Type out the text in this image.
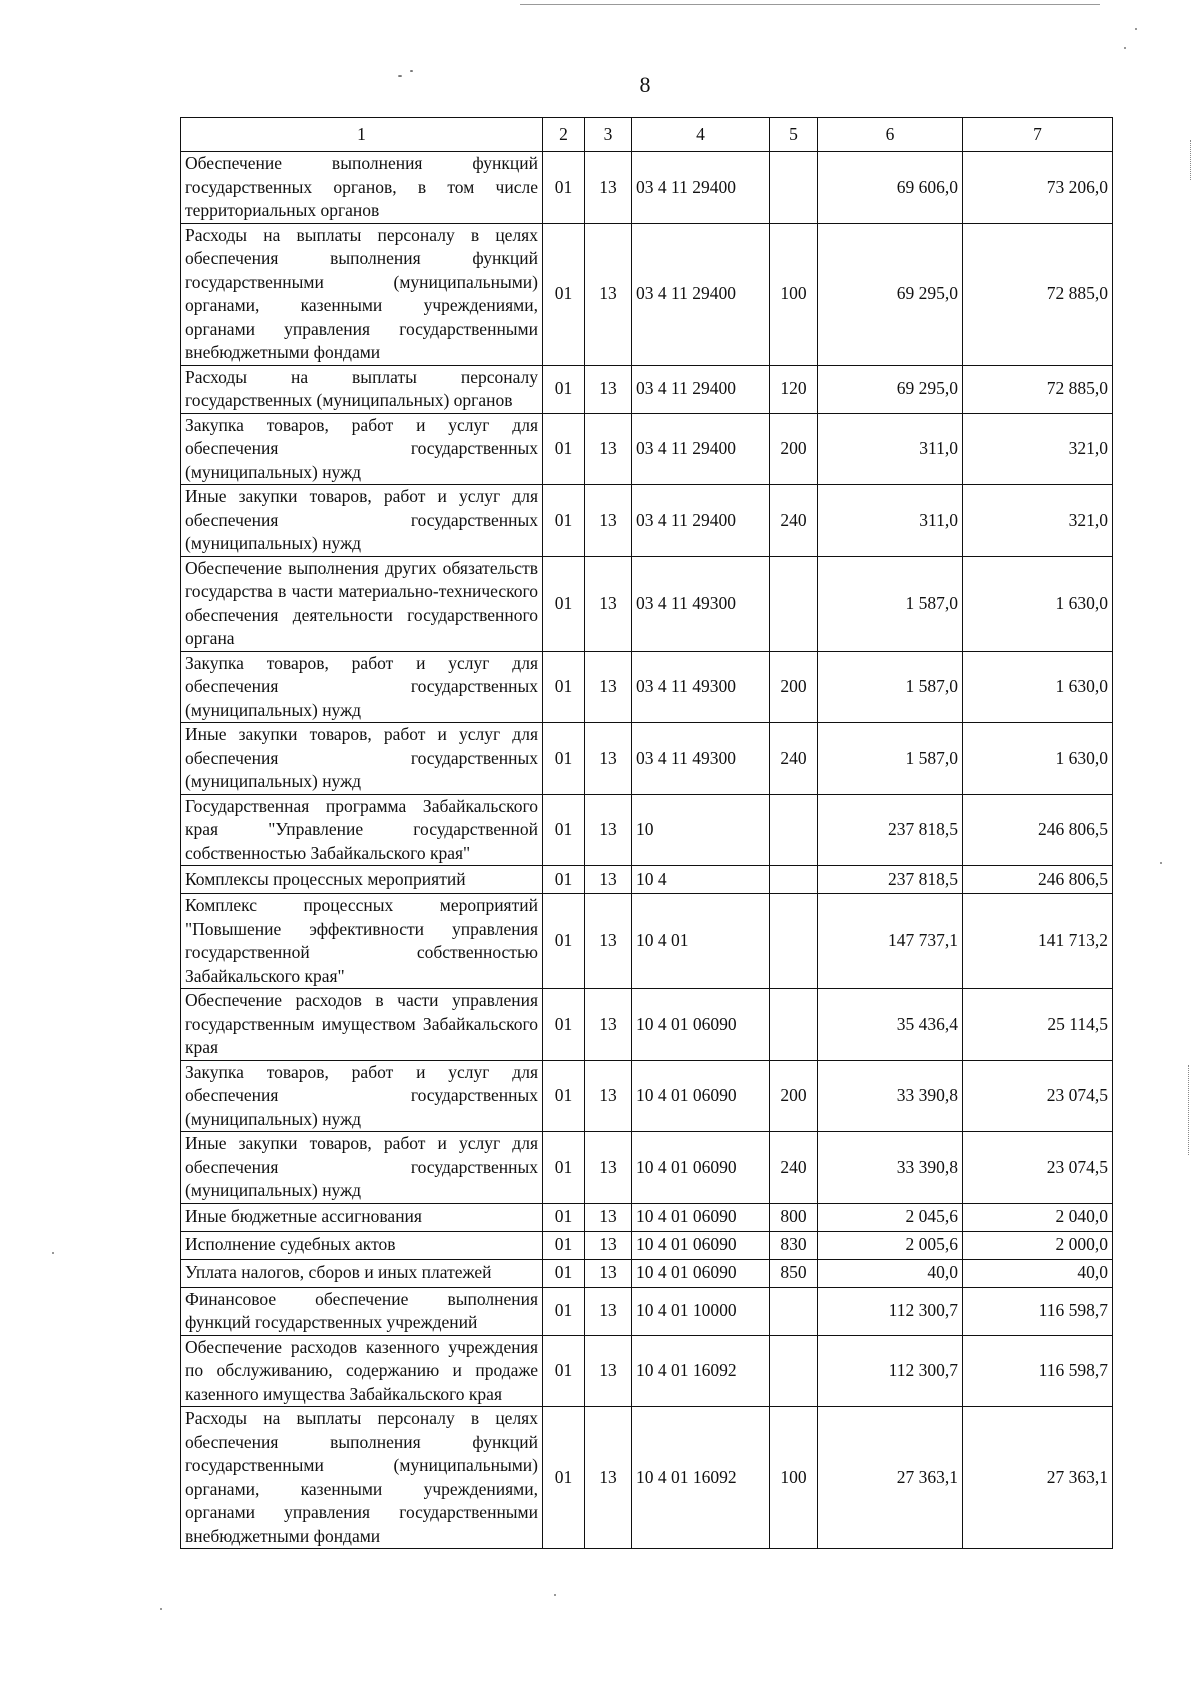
8
1	2	3	4	5	6	7
Обеспечение выполнения функций государственных органов, в том числе территориальных органов	01	13	03 4 11 29400		69 606,0	73 206,0
Расходы на выплаты персоналу в целях обеспечения выполнения функций государственными (муниципальными) органами, казенными учреждениями, органами управления государственными внебюджетными фондами	01	13	03 4 11 29400	100	69 295,0	72 885,0
Расходы на выплаты персоналу государственных (муниципальных) органов	01	13	03 4 11 29400	120	69 295,0	72 885,0
Закупка товаров, работ и услуг для обеспечения государственных (муниципальных) нужд	01	13	03 4 11 29400	200	311,0	321,0
Иные закупки товаров, работ и услуг для обеспечения государственных (муниципальных) нужд	01	13	03 4 11 29400	240	311,0	321,0
Обеспечение выполнения других обязательств государства в части материально-технического обеспечения деятельности государственного органа	01	13	03 4 11 49300		1 587,0	1 630,0
Закупка товаров, работ и услуг для обеспечения государственных (муниципальных) нужд	01	13	03 4 11 49300	200	1 587,0	1 630,0
Иные закупки товаров, работ и услуг для обеспечения государственных (муниципальных) нужд	01	13	03 4 11 49300	240	1 587,0	1 630,0
Государственная программа Забайкальского края "Управление государственной собственностью Забайкальского края"	01	13	10		237 818,5	246 806,5
Комплексы процессных мероприятий	01	13	10 4		237 818,5	246 806,5
Комплекс процессных мероприятий "Повышение эффективности управления государственной собственностью Забайкальского края"	01	13	10 4 01		147 737,1	141 713,2
Обеспечение расходов в части управления государственным имуществом Забайкальского края	01	13	10 4 01 06090		35 436,4	25 114,5
Закупка товаров, работ и услуг для обеспечения государственных (муниципальных) нужд	01	13	10 4 01 06090	200	33 390,8	23 074,5
Иные закупки товаров, работ и услуг для обеспечения государственных (муниципальных) нужд	01	13	10 4 01 06090	240	33 390,8	23 074,5
Иные бюджетные ассигнования	01	13	10 4 01 06090	800	2 045,6	2 040,0
Исполнение судебных актов	01	13	10 4 01 06090	830	2 005,6	2 000,0
Уплата налогов, сборов и иных платежей	01	13	10 4 01 06090	850	40,0	40,0
Финансовое обеспечение выполнения функций государственных учреждений	01	13	10 4 01 10000		112 300,7	116 598,7
Обеспечение расходов казенного учреждения по обслуживанию, содержанию и продаже казенного имущества Забайкальского края	01	13	10 4 01 16092		112 300,7	116 598,7
Расходы на выплаты персоналу в целях обеспечения выполнения функций государственными (муниципальными) органами, казенными учреждениями, органами управления государственными внебюджетными фондами	01	13	10 4 01 16092	100	27 363,1	27 363,1
